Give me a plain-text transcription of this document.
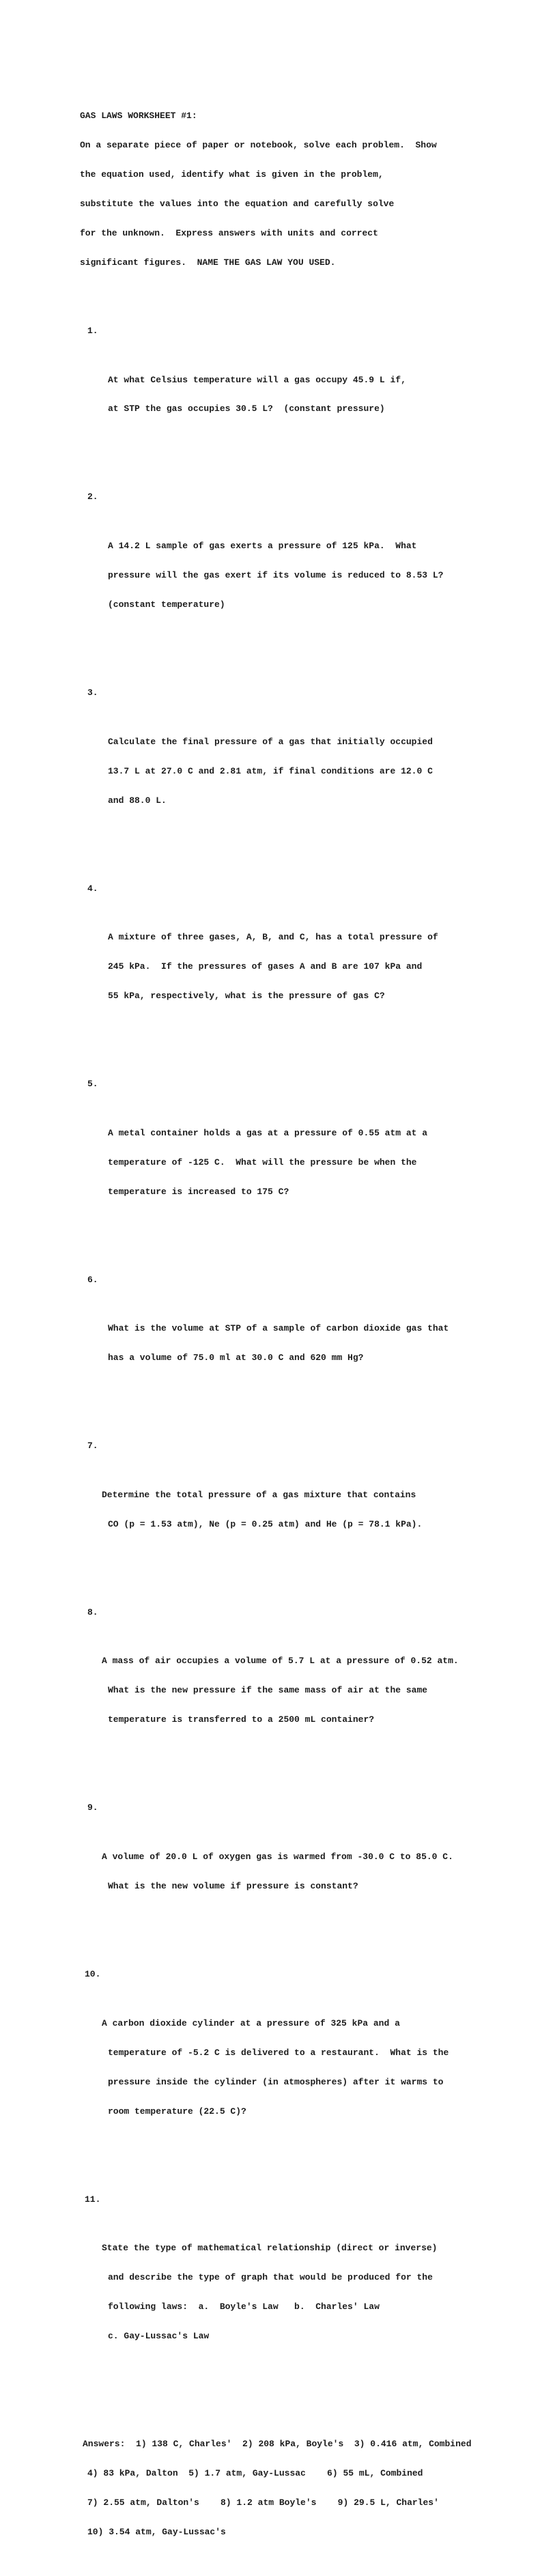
GAS LAWS WORKSHEET #1:

On a separate piece of paper or notebook, solve each problem.  Show

the equation used, identify what is given in the problem,

substitute the values into the equation and carefully solve

for the unknown.  Express answers with units and correct

significant figures.  NAME THE GAS LAW YOU USED.

1.

At what Celsius temperature will a gas occupy 45.9 L if,

at STP the gas occupies 30.5 L?  (constant pressure)

2.

A 14.2 L sample of gas exerts a pressure of 125 kPa.  What

pressure will the gas exert if its volume is reduced to 8.53 L?

(constant temperature)

3.

Calculate the final pressure of a gas that initially occupied

13.7 L at 27.0 C and 2.81 atm, if final conditions are 12.0 C

and 88.0 L.

4.

A mixture of three gases, A, B, and C, has a total pressure of

245 kPa.  If the pressures of gases A and B are 107 kPa and

55 kPa, respectively, what is the pressure of gas C?

5.

A metal container holds a gas at a pressure of 0.55 atm at a

temperature of -125 C.  What will the pressure be when the

temperature is increased to 175 C?

6.

What is the volume at STP of a sample of carbon dioxide gas that

has a volume of 75.0 ml at 30.0 C and 620 mm Hg?

7.

Determine the total pressure of a gas mixture that contains

CO (p = 1.53 atm), Ne (p = 0.25 atm) and He (p = 78.1 kPa).

8.

A mass of air occupies a volume of 5.7 L at a pressure of 0.52 atm.

What is the new pressure if the same mass of air at the same

temperature is transferred to a 2500 mL container?

9.

A volume of 20.0 L of oxygen gas is warmed from -30.0 C to 85.0 C.

What is the new volume if pressure is constant?

10.

A carbon dioxide cylinder at a pressure of 325 kPa and a

temperature of -5.2 C is delivered to a restaurant.  What is the

pressure inside the cylinder (in atmospheres) after it warms to

room temperature (22.5 C)?

11.

State the type of mathematical relationship (direct or inverse)

and describe the type of graph that would be produced for the

following laws:  a.  Boyle's Law   b.  Charles' Law

c. Gay-Lussac's Law

Answers:  1) 138 C, Charles'  2) 208 kPa, Boyle's  3) 0.416 atm, Combined

4) 83 kPa, Dalton  5) 1.7 atm, Gay-Lussac    6) 55 mL, Combined

7) 2.55 atm, Dalton's    8) 1.2 atm Boyle's    9) 29.5 L, Charles'

10) 3.54 atm, Gay-Lussac's
